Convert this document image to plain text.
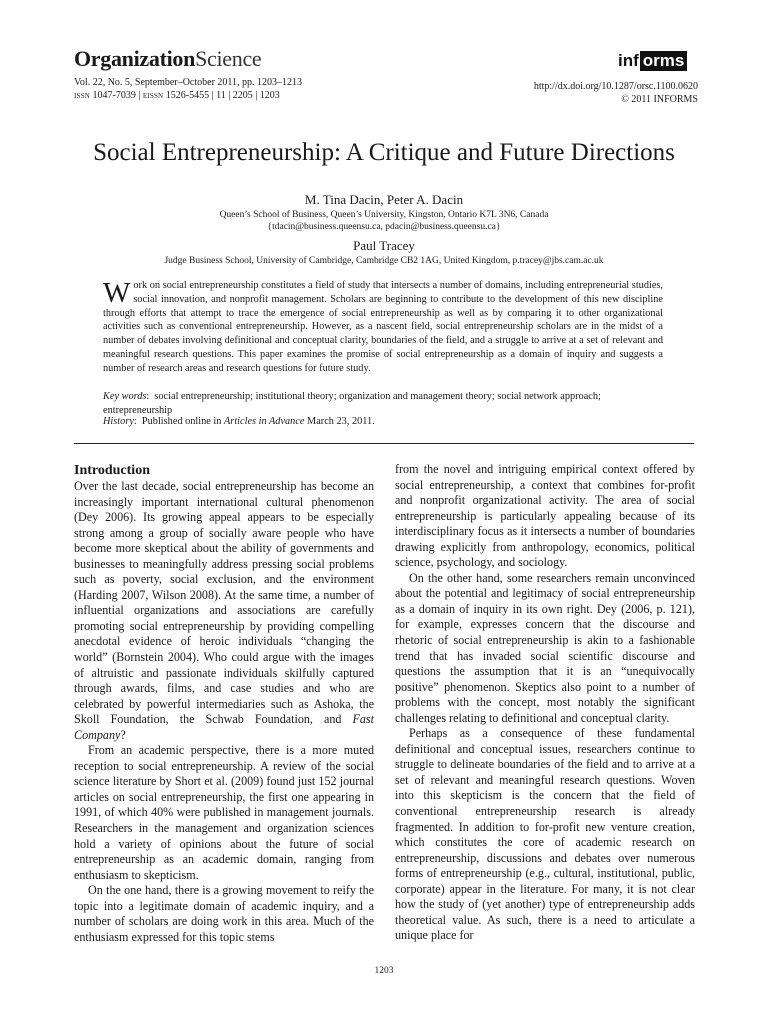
OrganizationScience
Vol. 22, No. 5, September–October 2011, pp. 1203–1213
issn 1047-7039 | eissn 1526-5455 | 11 | 2205 | 1203
inf orms
http://dx.doi.org/10.1287/orsc.1100.0620
© 2011 INFORMS
Social Entrepreneurship: A Critique and Future Directions
M. Tina Dacin, Peter A. Dacin
Queen’s School of Business, Queen’s University, Kingston, Ontario K7L 3N6, Canada
{tdacin@business.queensu.ca, pdacin@business.queensu.ca}
Paul Tracey
Judge Business School, University of Cambridge, Cambridge CB2 1AG, United Kingdom, p.tracey@jbs.cam.ac.uk
Work on social entrepreneurship constitutes a field of study that intersects a number of domains, including entrepreneurial studies, social innovation, and nonprofit management. Scholars are beginning to contribute to the development of this new discipline through efforts that attempt to trace the emergence of social entrepreneurship as well as by comparing it to other organizational activities such as conventional entrepreneurship. However, as a nascent field, social entrepreneurship scholars are in the midst of a number of debates involving definitional and conceptual clarity, boundaries of the field, and a struggle to arrive at a set of relevant and meaningful research questions. This paper examines the promise of social entrepreneurship as a domain of inquiry and suggests a number of research areas and research questions for future study.
Key words:  social entrepreneurship; institutional theory; organization and management theory; social network approach; entrepreneurship
History:  Published online in Articles in Advance March 23, 2011.
Introduction

Over the last decade, social entrepreneurship has become an increasingly important international cultural phenomenon (Dey 2006). Its growing appeal appears to be especially strong among a group of socially aware people who have become more skeptical about the ability of governments and businesses to meaningfully address pressing social problems such as poverty, social exclusion, and the environment (Harding 2007, Wilson 2008). At the same time, a number of influential organizations and associations are carefully promoting social entrepreneurship by providing compelling anecdotal evidence of heroic individuals “changing the world” (Bornstein 2004). Who could argue with the images of altruistic and passionate individuals skilfully captured through awards, films, and case studies and who are celebrated by powerful intermediaries such as Ashoka, the Skoll Foundation, the Schwab Foundation, and Fast Company?

From an academic perspective, there is a more muted reception to social entrepreneurship. A review of the social science literature by Short et al. (2009) found just 152 journal articles on social entrepreneurship, the first one appearing in 1991, of which 40% were published in management journals. Researchers in the management and organization sciences hold a variety of opinions about the future of social entrepreneurship as an academic domain, ranging from enthusiasm to skepticism.

On the one hand, there is a growing movement to reify the topic into a legitimate domain of academic inquiry, and a number of scholars are doing work in this area. Much of the enthusiasm expressed for this topic stems

from the novel and intriguing empirical context offered by social entrepreneurship, a context that combines for-profit and nonprofit organizational activity. The area of social entrepreneurship is particularly appealing because of its interdisciplinary focus as it intersects a number of boundaries drawing explicitly from anthropology, economics, political science, psychology, and sociology.

On the other hand, some researchers remain unconvinced about the potential and legitimacy of social entrepreneurship as a domain of inquiry in its own right. Dey (2006, p. 121), for example, expresses concern that the discourse and rhetoric of social entrepreneurship is akin to a fashionable trend that has invaded social scientific discourse and questions the assumption that it is an “unequivocally positive” phenomenon. Skeptics also point to a number of problems with the concept, most notably the significant challenges relating to definitional and conceptual clarity.

Perhaps as a consequence of these fundamental definitional and conceptual issues, researchers continue to struggle to delineate boundaries of the field and to arrive at a set of relevant and meaningful research questions. Woven into this skepticism is the concern that the field of conventional entrepreneurship research is already fragmented. In addition to for-profit new venture creation, which constitutes the core of academic research on entrepreneurship, discussions and debates over numerous forms of entrepreneurship (e.g., cultural, institutional, public, corporate) appear in the literature. For many, it is not clear how the study of (yet another) type of entrepreneurship adds theoretical value. As such, there is a need to articulate a unique place for

1203
